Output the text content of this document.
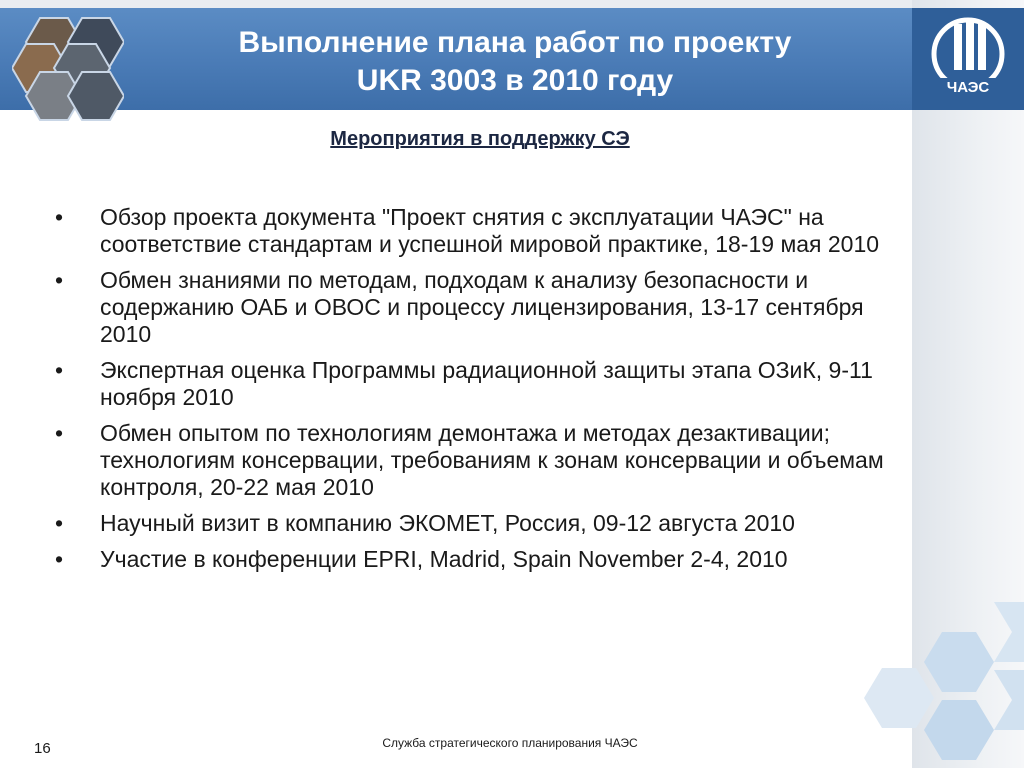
ЧАЭС
Выполнение плана работ по проекту
UKR 3003 в 2010 году
Мероприятия в поддержку СЭ
•	Обзор проекта документа "Проект снятия с эксплуатации ЧАЭС" на соответствие стандартам и успешной мировой практике, 18-19 мая 2010
•	Обмен знаниями по методам, подходам к анализу безопасности и содержанию ОАБ и ОВОС и процессу лицензирования, 13-17 сентября 2010
•	Экспертная оценка Программы радиационной защиты этапа ОЗиК, 9-11 ноября 2010
•	Обмен опытом по технологиям демонтажа и методах дезактивации; технологиям консервации, требованиям к зонам консервации и объемам контроля, 20-22 мая 2010
•	Научный визит в компанию ЭКОМЕТ, Россия, 09-12 августа 2010
•	Участие в конференции EPRI, Madrid, Spain November 2-4, 2010
16	Служба стратегического планирования ЧАЭС
